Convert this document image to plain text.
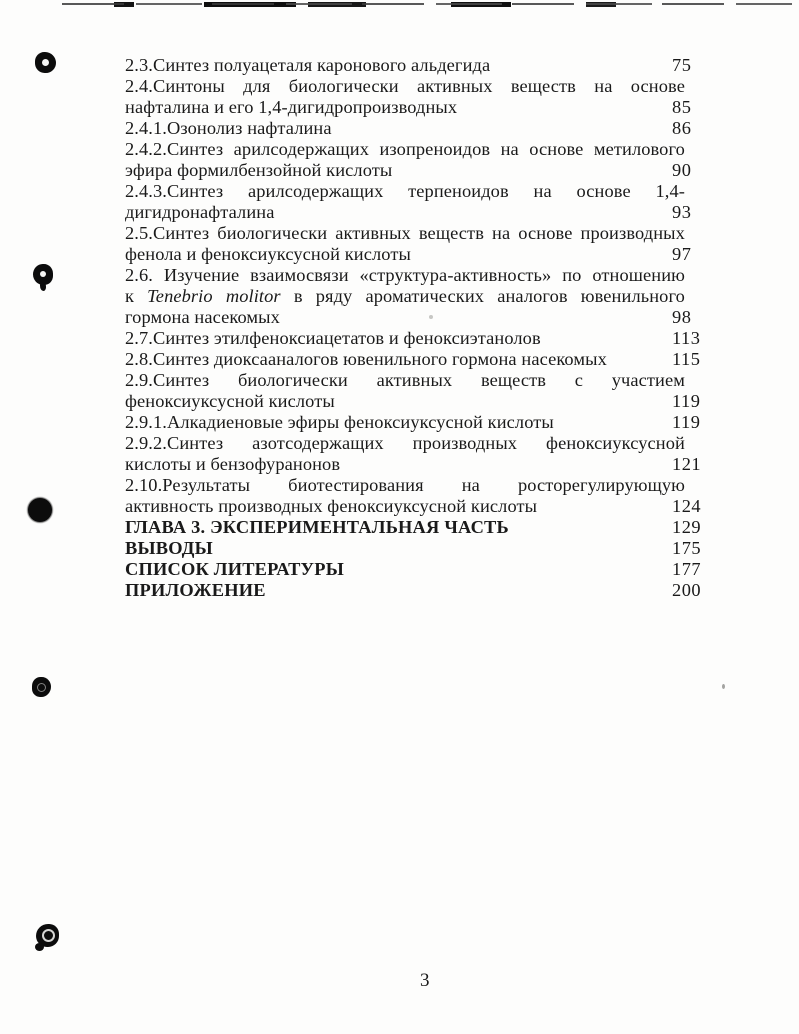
2.3.Синтез полуацеталя каронового альдегида	75
2.4.Синтоны для биологически активных веществ на основе
нафталина и его 1,4-дигидропроизводных	85
2.4.1.Озонолиз нафталина	86
2.4.2.Синтез арилсодержащих изопреноидов на основе метилового
эфира формилбензойной кислоты	90
2.4.3.Синтез арилсодержащих терпеноидов на основе 1,4-
дигидронафталина	93
2.5.Синтез биологически активных веществ на основе производных
фенола и феноксиуксусной кислоты	97
2.6. Изучение взаимосвязи «структура-активность» по отношению
к Tenebrio molitor в ряду ароматических аналогов ювенильного
гормона насекомых	98
2.7.Синтез этилфеноксиацетатов и феноксиэтанолов	113
2.8.Синтез диоксааналогов ювенильного гормона насекомых	115
2.9.Синтез биологически активных веществ с участием
феноксиуксусной кислоты	119
2.9.1.Алкадиеновые эфиры феноксиуксусной кислоты	119
2.9.2.Синтез азотсодержащих производных феноксиуксусной
кислоты и бензофуранонов	121
2.10.Результаты биотестирования на росторегулирующую
активность производных феноксиуксусной кислоты	124
ГЛАВА 3. ЭКСПЕРИМЕНТАЛЬНАЯ ЧАСТЬ	129
ВЫВОДЫ	175
СПИСОК ЛИТЕРАТУРЫ	177
ПРИЛОЖЕНИЕ	200
3
